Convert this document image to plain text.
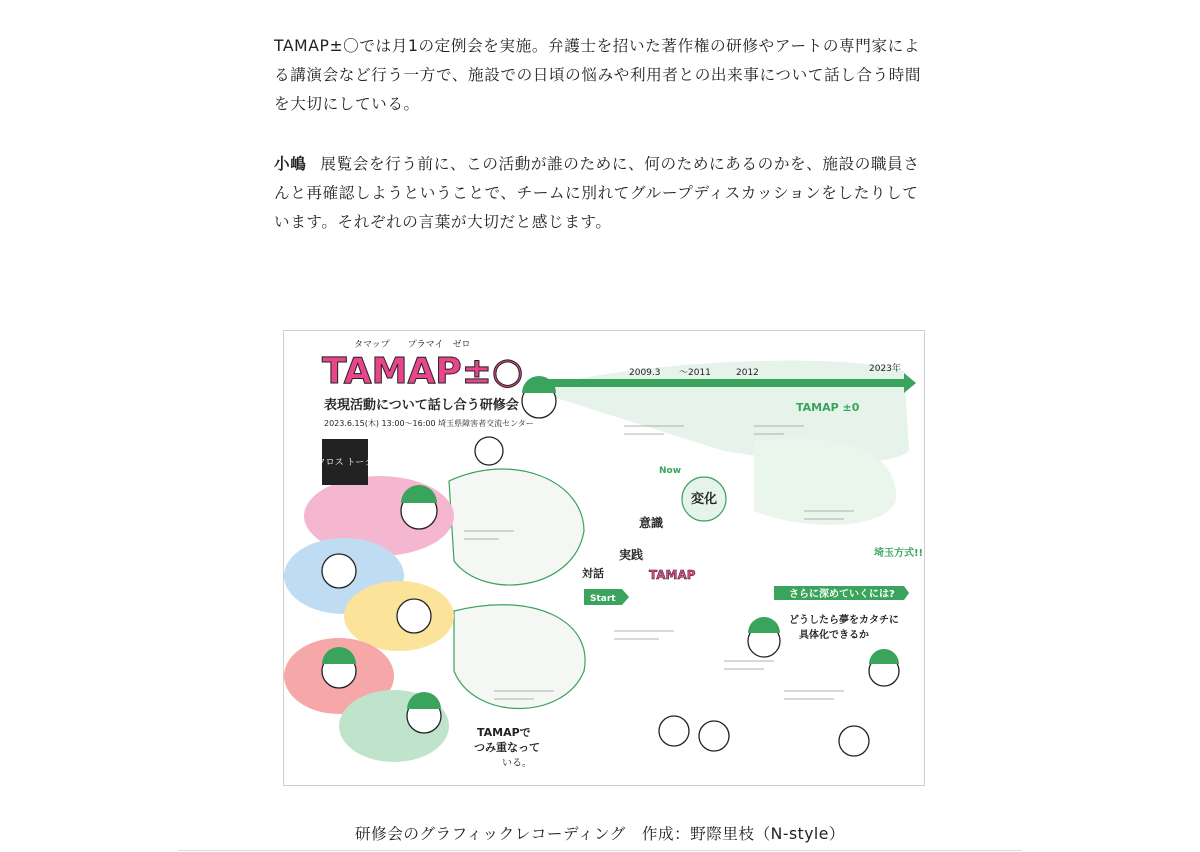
TAMAP±〇では月1の定例会を実施。弁護士を招いた著作権の研修やアートの専門家による講演会など行う一方で、施設での日頃の悩みや利用者との出来事について話し合う時間を大切にしている。

小嶋 展覧会を行う前に、この活動が誰のために、何のためにあるのかを、施設の職員さんと再確認しようということで、チームに別れてグループディスカッションをしたりしています。それぞれの言葉が大切だと感じます。

タマップ　　プラマイ　ゼロ
TAMAP±○
表現活動について話し合う研修会
2023.6.15(木) 13:00〜16:00 埼玉県障害者交流センター
クロス トーク
2009.3 〜2011	2012	2023年
TAMAP ±0
Now
変化
意識
実践
対話
Start
TAMAP
さらに深めていくには?
どうしたら夢をカタチに
具体化できるか
埼玉方式!!
TAMAPで
つみ重なって
いる。
研修会のグラフィックレコーディング　作成：野際里枝（N-style）
